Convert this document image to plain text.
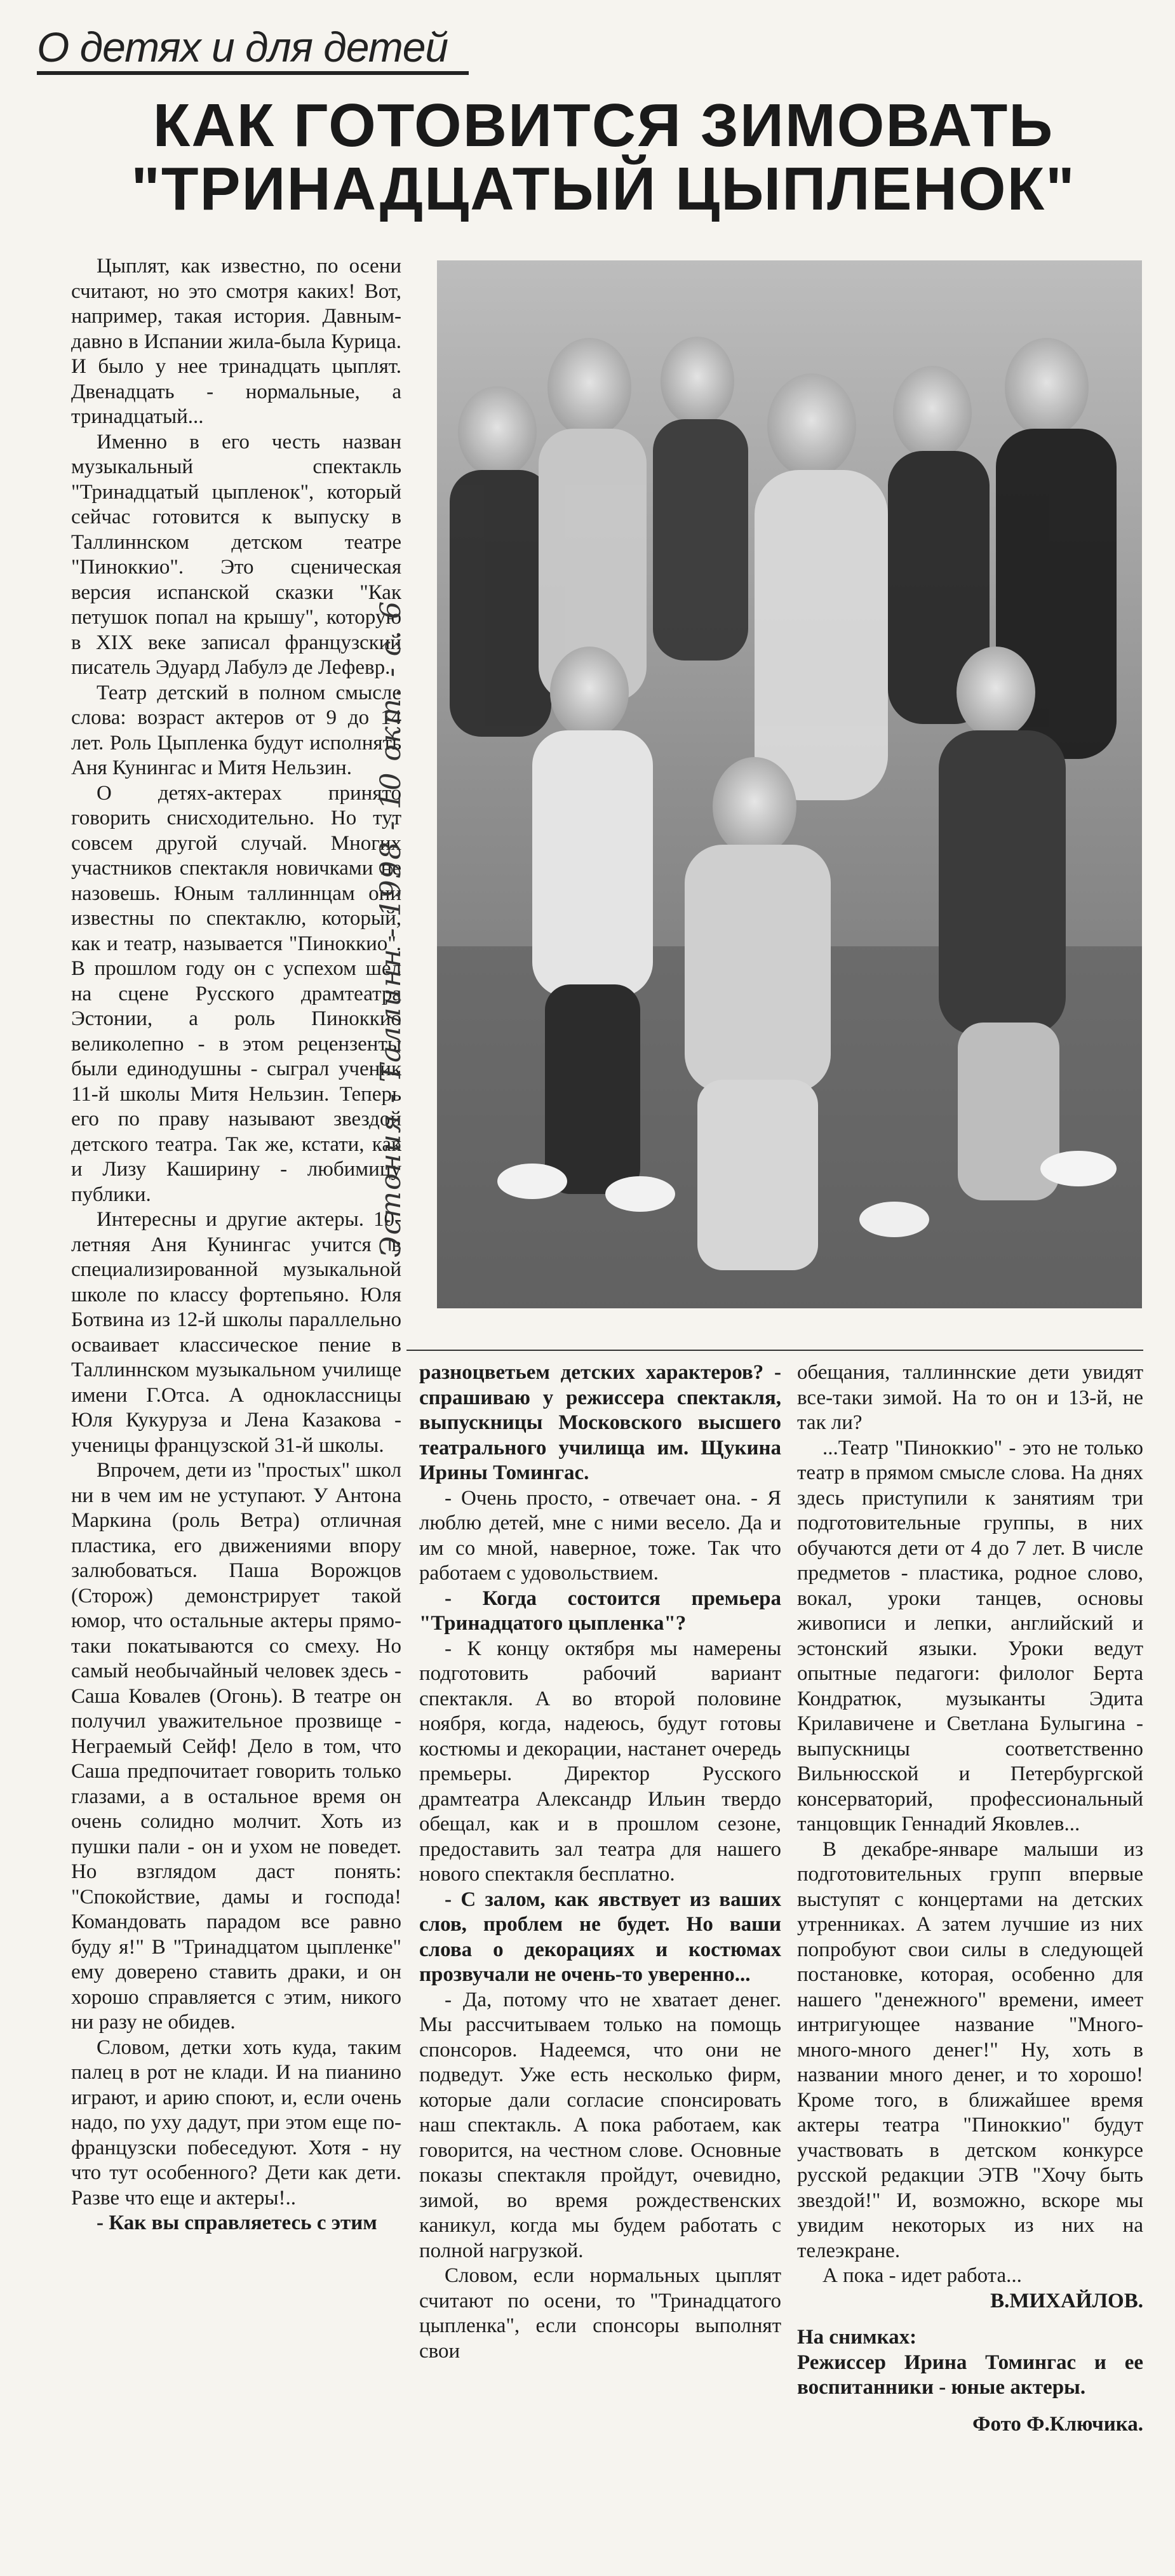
О детях и для детей
КАК ГОТОВИТСЯ ЗИМОВАТЬ
"ТРИНАДЦАТЫЙ ЦЫПЛЕНОК"

Цыплят, как известно, по осени считают, но это смотря каких! Вот, например, такая история. Давным-давно в Испании жила-была Курица. И было у нее тринадцать цыплят. Двенадцать - нормальные, а тринадцатый...

Именно в его честь назван музыкальный спектакль "Тринадцатый цыпленок", который сейчас готовится к выпуску в Таллиннском детском театре "Пиноккио". Это сценическая версия испанской сказки "Как петушок попал на крышу", которую в XIX веке записал французский писатель Эдуард Лабулэ де Лефевр.

Театр детский в полном смысле слова: возраст актеров от 9 до 14 лет. Роль Цыпленка будут исполнять Аня Кунингас и Митя Нельзин.

О детях-актерах принято говорить снисходительно. Но тут совсем другой случай. Многих участников спектакля новичками не назовешь. Юным таллиннцам они известны по спектаклю, который, как и театр, называется "Пиноккио". В прошлом году он с успехом шел на сцене Русского драмтеатра Эстонии, а роль Пиноккио великолепно - в этом рецензенты были единодушны - сыграл ученик 11-й школы Митя Нельзин. Теперь его по праву называют звездой детского театра. Так же, кстати, как и Лизу Каширину - любимицу публики.

Интересны и другие актеры. 10-летняя Аня Кунингас учится в специализированной музыкальной школе по классу фортепьяно. Юля Ботвина из 12-й школы параллельно осваивает классическое пение в Таллиннском музыкальном училище имени Г.Отса. А одноклассницы Юля Кукуруза и Лена Казакова - ученицы французской 31-й школы.

Впрочем, дети из "простых" школ ни в чем им не уступают. У Антона Маркина (роль Ветра) отличная пластика, его движениями впору залюбоваться. Паша Ворожцов (Сторож) демонстрирует такой юмор, что остальные актеры прямо-таки покатываются со смеху. Но самый необычайный человек здесь - Саша Ковалев (Огонь). В театре он получил уважительное прозвище - Неграемый Сейф! Дело в том, что Саша предпочитает говорить только глазами, а в остальное время он очень солидно молчит. Хоть из пушки пали - он и ухом не поведет. Но взглядом даст понять: "Спокойствие, дамы и господа! Командовать парадом все равно буду я!" В "Тринадцатом цыпленке" ему доверено ставить драки, и он хорошо справляется с этим, никого ни разу не обидев.

Словом, детки хоть куда, таким палец в рот не клади. И на пианино играют, и арию споют, и, если очень надо, по уху дадут, при этом еще по-французски побеседуют. Хотя - ну что тут особенного? Дети как дети. Разве что еще и актеры!..

- Как вы справляетесь с этим

Эстония - Таллинн - 1998 - 10 окт. - с. 6

разноцветьем детских характеров? - спрашиваю у режиссера спектакля, выпускницы Московского высшего театрального училища им. Щукина Ирины Томингас.

- Очень просто, - отвечает она. - Я люблю детей, мне с ними весело. Да и им со мной, наверное, тоже. Так что работаем с удовольствием.

- Когда состоится премьера "Тринадцатого цыпленка"?

- К концу октября мы намерены подготовить рабочий вариант спектакля. А во второй половине ноября, когда, надеюсь, будут готовы костюмы и декорации, настанет очередь премьеры. Директор Русского драмтеатра Александр Ильин твердо обещал, как и в прошлом сезоне, предоставить зал театра для нашего нового спектакля бесплатно.

- С залом, как явствует из ваших слов, проблем не будет. Но ваши слова о декорациях и костюмах прозвучали не очень-то уверенно...

- Да, потому что не хватает денег. Мы рассчитываем только на помощь спонсоров. Надеемся, что они не подведут. Уже есть несколько фирм, которые дали согласие спонсировать наш спектакль. А пока работаем, как говорится, на честном слове. Основные показы спектакля пройдут, очевидно, зимой, во время рождественских каникул, когда мы будем работать с полной нагрузкой.

Словом, если нормальных цыплят считают по осени, то "Тринадцатого цыпленка", если спонсоры выполнят свои

обещания, таллиннские дети увидят все-таки зимой. На то он и 13-й, не так ли?

...Театр "Пиноккио" - это не только театр в прямом смысле слова. На днях здесь приступили к занятиям три подготовительные группы, в них обучаются дети от 4 до 7 лет. В числе предметов - пластика, родное слово, вокал, уроки танцев, основы живописи и лепки, английский и эстонский языки. Уроки ведут опытные педагоги: филолог Берта Кондратюк, музыканты Эдита Крилавичене и Светлана Булыгина - выпускницы соответственно Вильнюсской и Петербургской консерваторий, профессиональный танцовщик Геннадий Яковлев...

В декабре-январе малыши из подготовительных групп впервые выступят с концертами на детских утренниках. А затем лучшие из них попробуют свои силы в следующей постановке, которая, особенно для нашего "денежного" времени, имеет интригующее название "Много-много-много денег!" Ну, хоть в названии много денег, и то хорошо! Кроме того, в ближайшее время актеры театра "Пиноккио" будут участвовать в детском конкурсе русской редакции ЭТВ "Хочу быть звездой!" И, возможно, вскоре мы увидим некоторых из них на телеэкране.

А пока - идет работа...

В.МИХАЙЛОВ.

На снимках:

Режиссер Ирина Томингас и ее воспитанники - юные актеры.

Фото Ф.Ключика.
